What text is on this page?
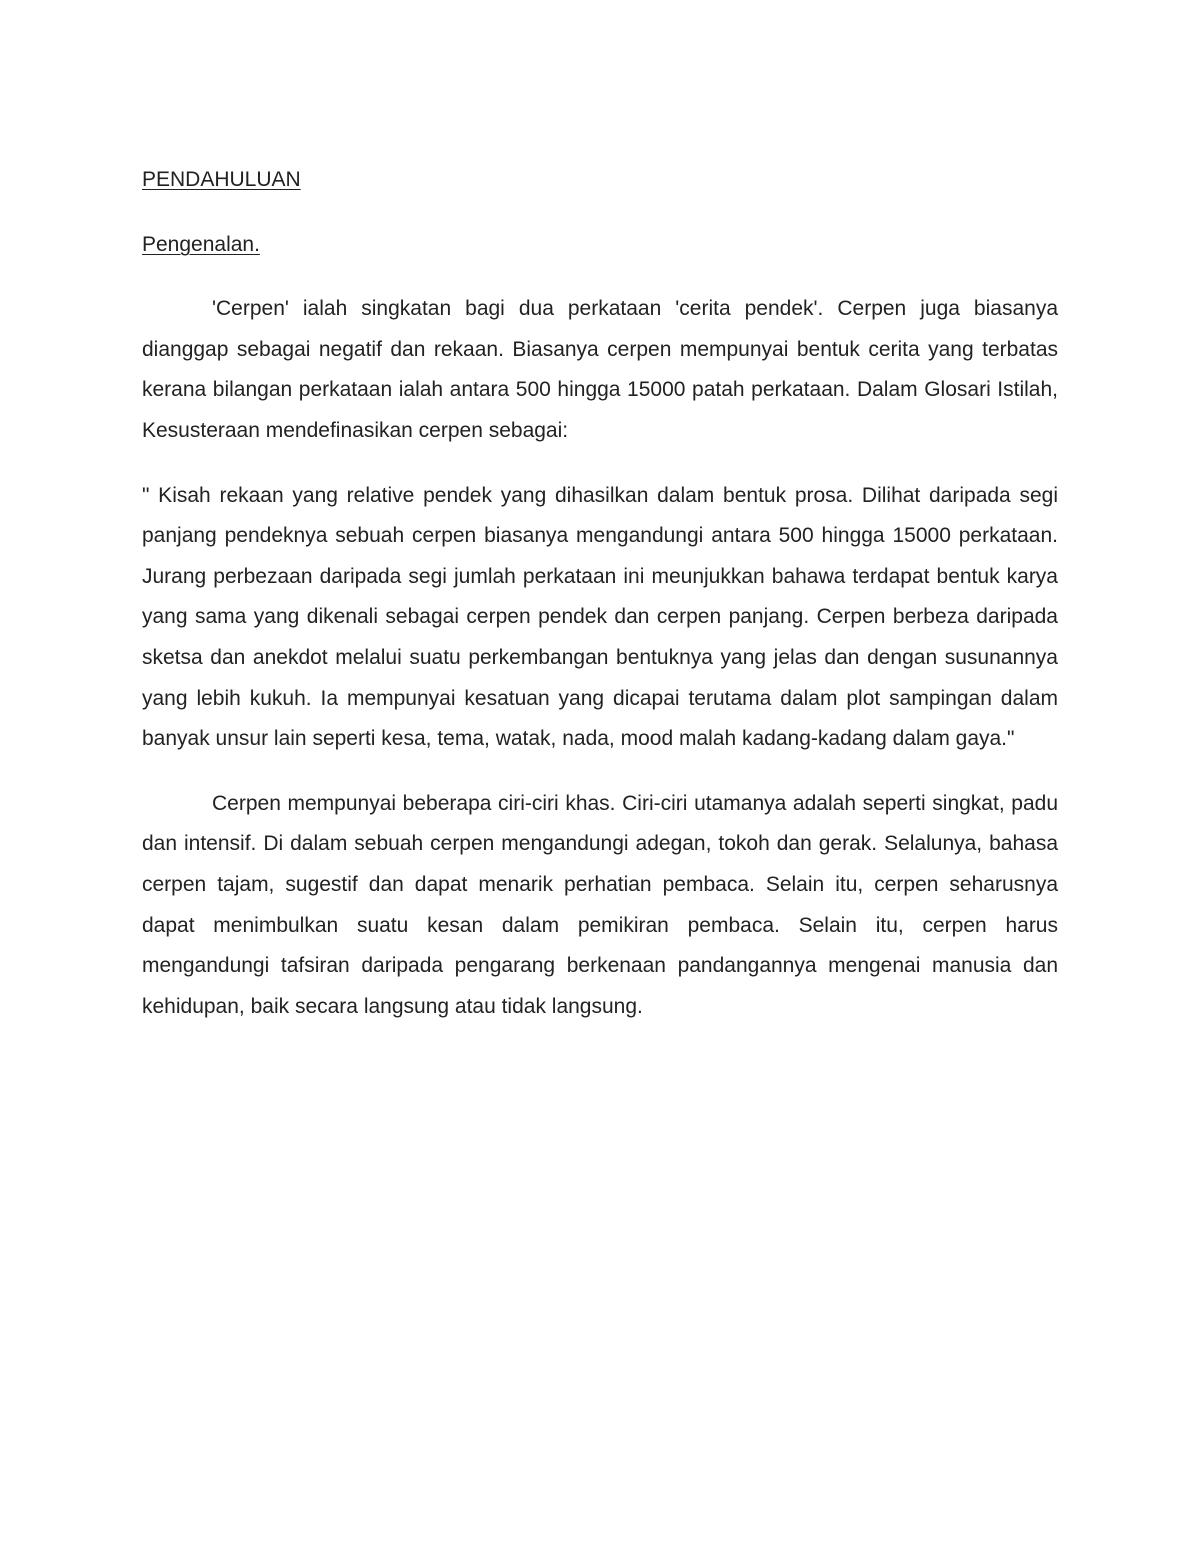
PENDAHULUAN
Pengenalan.

'Cerpen' ialah singkatan bagi dua perkataan 'cerita pendek'. Cerpen juga biasanya dianggap sebagai negatif dan rekaan. Biasanya cerpen mempunyai bentuk cerita yang terbatas kerana bilangan perkataan ialah antara 500 hingga 15000 patah perkataan. Dalam Glosari Istilah, Kesusteraan mendefinasikan cerpen sebagai:

" Kisah rekaan yang relative pendek yang dihasilkan dalam bentuk prosa. Dilihat daripada segi panjang pendeknya sebuah cerpen biasanya mengandungi antara 500 hingga 15000 perkataan. Jurang perbezaan daripada segi jumlah perkataan ini meunjukkan bahawa terdapat bentuk karya yang sama yang dikenali sebagai cerpen pendek dan cerpen panjang. Cerpen berbeza daripada sketsa dan anekdot melalui suatu perkembangan bentuknya yang jelas dan dengan susunannya yang lebih kukuh. Ia mempunyai kesatuan yang dicapai terutama dalam plot sampingan dalam banyak unsur lain seperti kesa, tema, watak, nada, mood malah kadang-kadang dalam gaya."

Cerpen mempunyai beberapa ciri-ciri khas. Ciri-ciri utamanya adalah seperti singkat, padu dan intensif. Di dalam sebuah cerpen mengandungi adegan, tokoh dan gerak. Selalunya, bahasa cerpen tajam, sugestif dan dapat menarik perhatian pembaca. Selain itu, cerpen seharusnya dapat menimbulkan suatu kesan dalam pemikiran pembaca. Selain itu, cerpen harus mengandungi tafsiran daripada pengarang berkenaan pandangannya mengenai manusia dan kehidupan, baik secara langsung atau tidak langsung.
